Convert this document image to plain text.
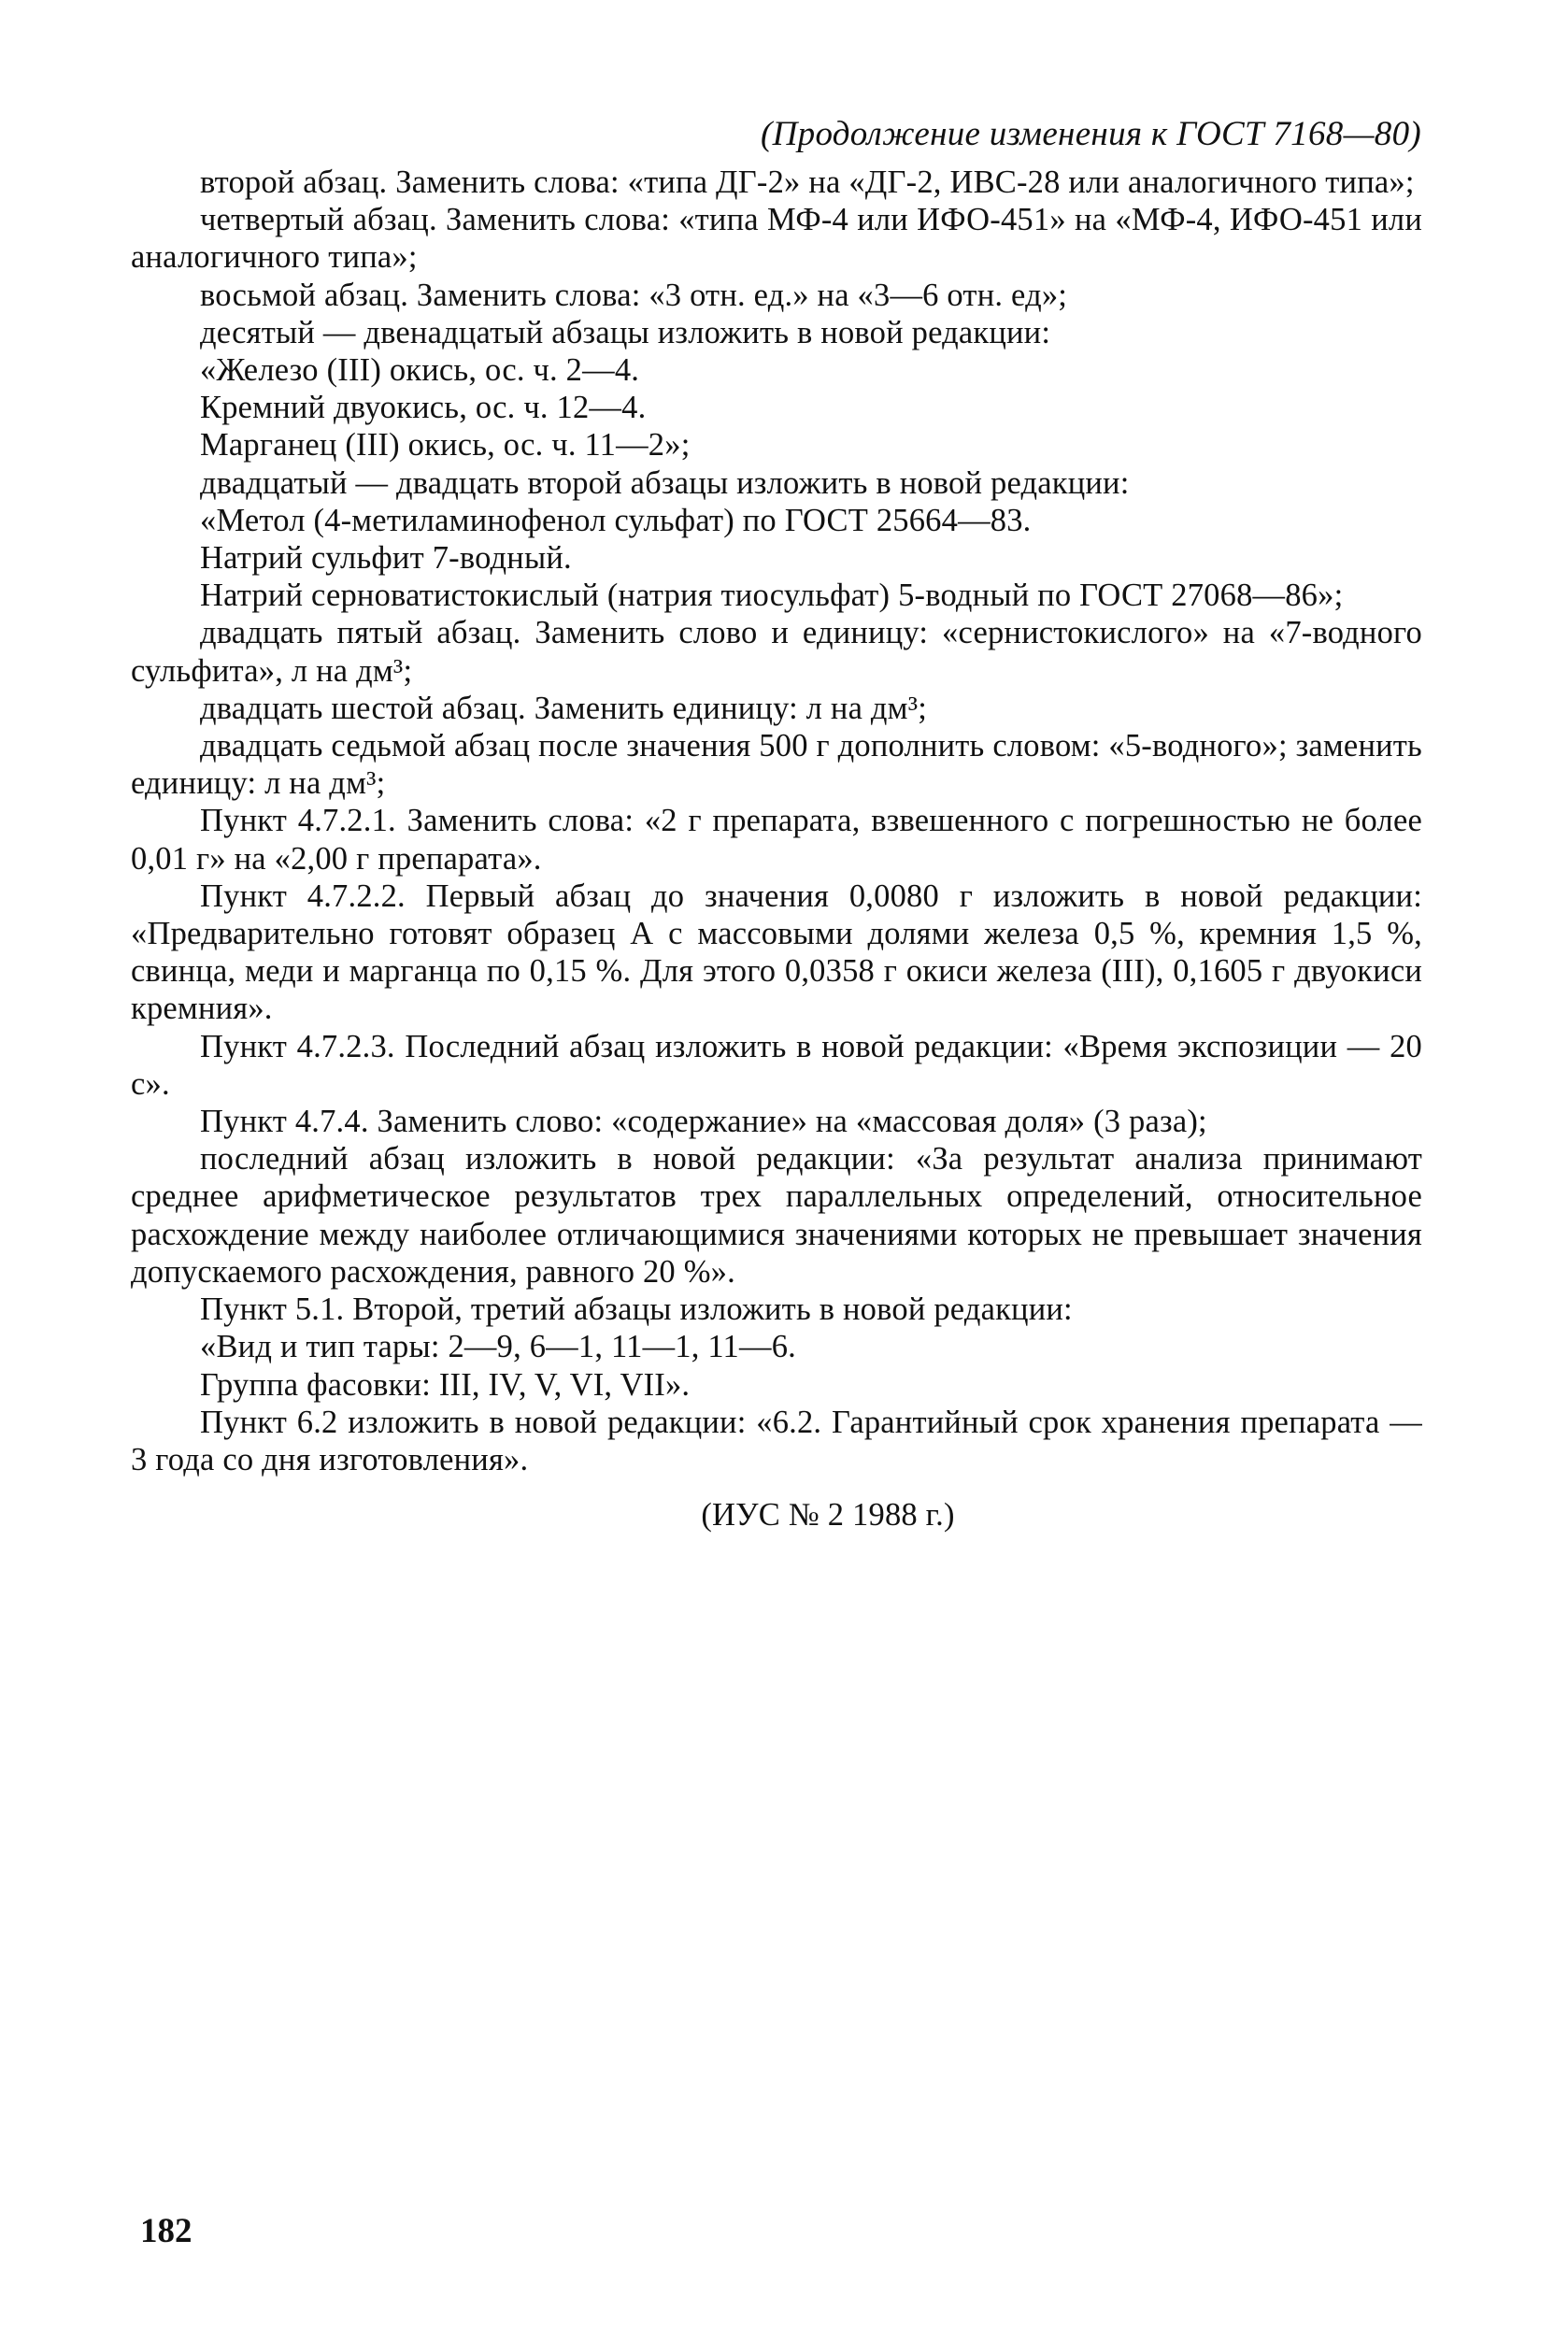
(Продолжение изменения к ГОСТ 7168—80)

второй абзац. Заменить слова: «типа ДГ-2» на «ДГ-2, ИВС-28 или аналогичного типа»;

четвертый абзац. Заменить слова: «типа МФ-4 или ИФО-451» на «МФ-4, ИФО-451 или аналогичного типа»;

восьмой абзац. Заменить слова: «3 отн. ед.» на «3—6 отн. ед»;

десятый — двенадцатый абзацы изложить в новой редакции:

«Железо (III) окись, ос. ч. 2—4.

Кремний двуокись, ос. ч. 12—4.

Марганец (III) окись, ос. ч. 11—2»;

двадцатый — двадцать второй абзацы изложить в новой редакции:

«Метол (4-метиламинофенол сульфат) по ГОСТ 25664—83.

Натрий сульфит 7-водный.

Натрий серноватистокислый (натрия тиосульфат) 5-водный по ГОСТ 27068—86»;

двадцать пятый абзац. Заменить слово и единицу: «сернистокислого» на «7-водного сульфита», л на дм³;

двадцать шестой абзац. Заменить единицу: л на дм³;

двадцать седьмой абзац после значения 500 г дополнить словом: «5-водного»; заменить единицу: л на дм³;

Пункт 4.7.2.1. Заменить слова: «2 г препарата, взвешенного с погрешностью не более 0,01 г» на «2,00 г препарата».

Пункт 4.7.2.2. Первый абзац до значения 0,0080 г изложить в новой редакции: «Предварительно готовят образец А с массовыми долями железа 0,5 %, кремния 1,5 %, свинца, меди и марганца по 0,15 %. Для этого 0,0358 г окиси железа (III), 0,1605 г двуокиси кремния».

Пункт 4.7.2.3. Последний абзац изложить в новой редакции: «Время экспозиции — 20 с».

Пункт 4.7.4. Заменить слово: «содержание» на «массовая доля» (3 раза);

последний абзац изложить в новой редакции: «За результат анализа принимают среднее арифметическое результатов трех параллельных определений, относительное расхождение между наиболее отличающимися значениями которых не превышает значения допускаемого расхождения, равного 20 %».

Пункт 5.1. Второй, третий абзацы изложить в новой редакции:

«Вид и тип тары: 2—9, 6—1, 11—1, 11—6.

Группа фасовки: III, IV, V, VI, VII».

Пункт 6.2 изложить в новой редакции: «6.2. Гарантийный срок хранения препарата — 3 года со дня изготовления».

(ИУС № 2 1988 г.)

182
